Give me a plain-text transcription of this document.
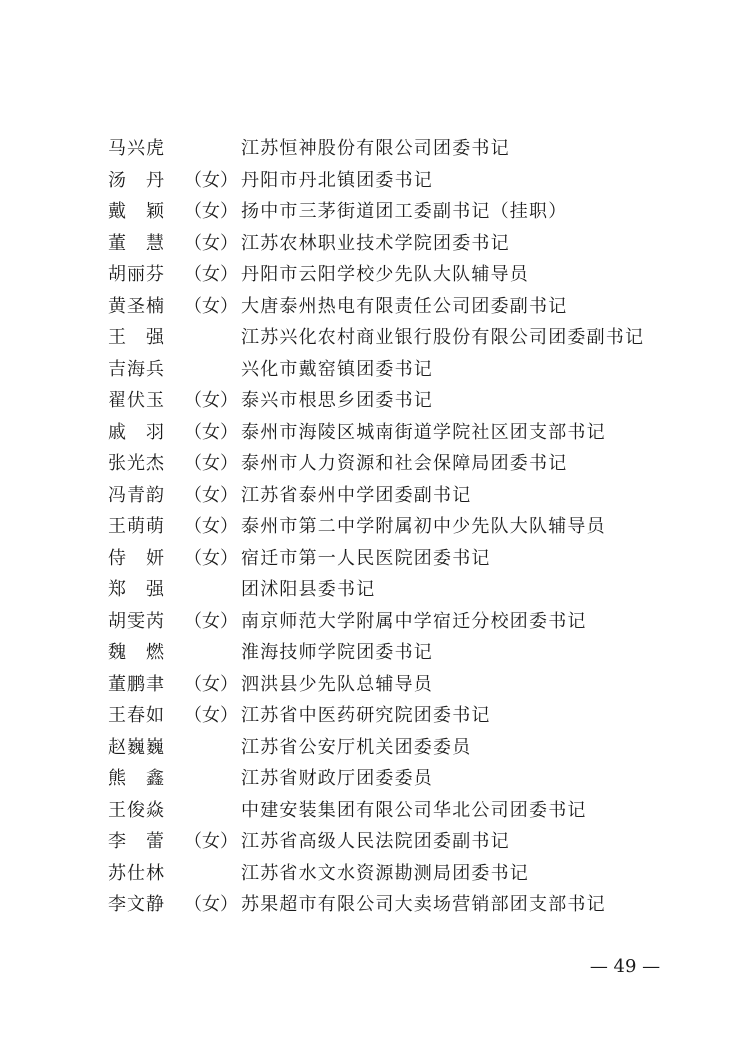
马兴虎	江苏恒神股份有限公司团委书记
汤　丹	（女） 丹阳市丹北镇团委书记
戴　颖	（女） 扬中市三茅街道团工委副书记（挂职）
董　慧	（女） 江苏农林职业技术学院团委书记
胡丽芬	（女） 丹阳市云阳学校少先队大队辅导员
黄圣楠	（女） 大唐泰州热电有限责任公司团委副书记
王　强	江苏兴化农村商业银行股份有限公司团委副书记
吉海兵	兴化市戴窑镇团委书记
翟伏玉	（女） 泰兴市根思乡团委书记
戚　羽	（女） 泰州市海陵区城南街道学院社区团支部书记
张光杰	（女） 泰州市人力资源和社会保障局团委书记
冯青韵	（女） 江苏省泰州中学团委副书记
王萌萌	（女） 泰州市第二中学附属初中少先队大队辅导员
侍　妍	（女） 宿迁市第一人民医院团委书记
郑　强	团沭阳县委书记
胡雯芮	（女） 南京师范大学附属中学宿迁分校团委书记
魏　燃	淮海技师学院团委书记
董鹏聿	（女） 泗洪县少先队总辅导员
王春如	（女） 江苏省中医药研究院团委书记
赵巍巍	江苏省公安厅机关团委委员
熊　鑫	江苏省财政厅团委委员
王俊焱	中建安装集团有限公司华北公司团委书记
李　蕾	（女） 江苏省高级人民法院团委副书记
苏仕林	江苏省水文水资源勘测局团委书记
李文静	（女） 苏果超市有限公司大卖场营销部团支部书记
— 49 —
